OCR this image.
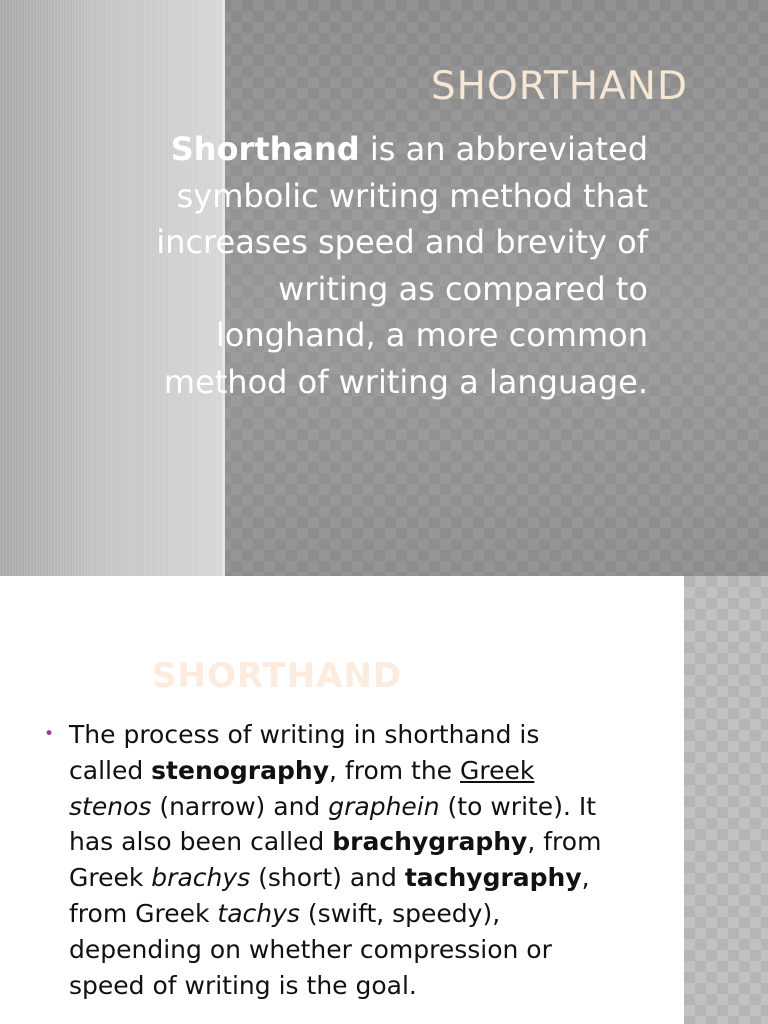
SHORTHAND

Shorthand is an abbreviated
symbolic writing method that
increases speed and brevity of
writing as compared to
longhand, a more common
method of writing a language.

SHORTHAND
• The process of writing in shorthand is called stenography, from the Greek stenos (narrow) and graphein (to write). It has also been called brachygraphy, from Greek brachys (short) and tachygraphy, from Greek tachys (swift, speedy), depending on whether compression or speed of writing is the goal.
